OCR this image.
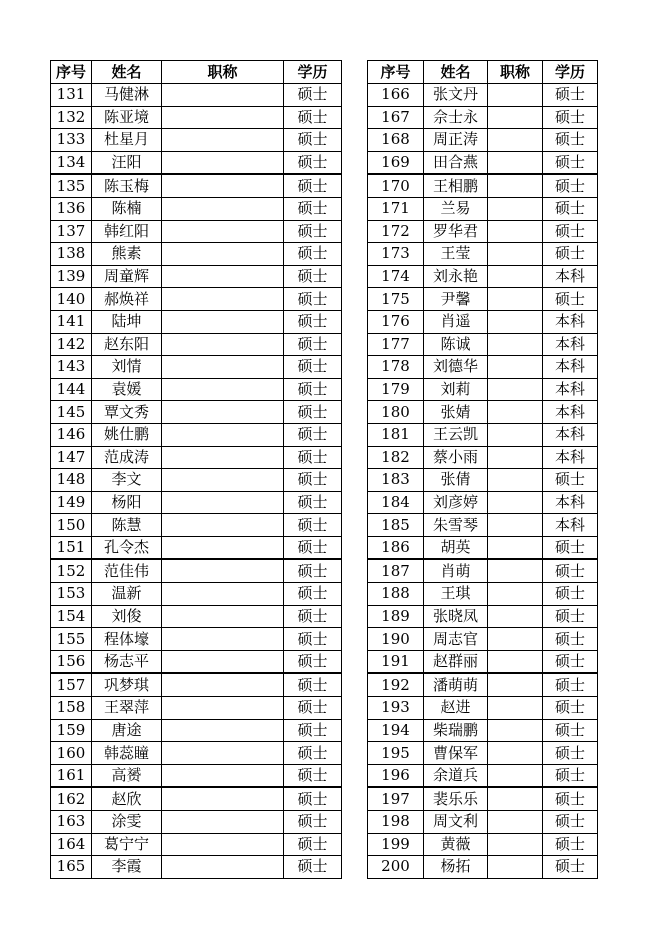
序号	姓名	职称	学历
131	马健淋		硕士
132	陈亚境		硕士
133	杜星月		硕士
134	汪阳		硕士
135	陈玉梅		硕士
136	陈楠		硕士
137	韩红阳		硕士
138	熊素		硕士
139	周童辉		硕士
140	郝焕祥		硕士
141	陆坤		硕士
142	赵东阳		硕士
143	刘情		硕士
144	袁媛		硕士
145	覃文秀		硕士
146	姚仕鹏		硕士
147	范成涛		硕士
148	李文		硕士
149	杨阳		硕士
150	陈慧		硕士
151	孔令杰		硕士
152	范佳伟		硕士
153	温新		硕士
154	刘俊		硕士
155	程体壕		硕士
156	杨志平		硕士
157	巩梦琪		硕士
158	王翠萍		硕士
159	唐途		硕士
160	韩蕊瞳		硕士
161	高赟		硕士
162	赵欣		硕士
163	涂雯		硕士
164	葛宁宁		硕士
165	李霞		硕士
序号	姓名	职称	学历
166	张文丹		硕士
167	佘士永		硕士
168	周正涛		硕士
169	田合燕		硕士
170	王相鹏		硕士
171	兰易		硕士
172	罗华君		硕士
173	王莹		硕士
174	刘永艳		本科
175	尹馨		硕士
176	肖遥		本科
177	陈诚		本科
178	刘德华		本科
179	刘莉		本科
180	张婧		本科
181	王云凯		本科
182	蔡小雨		本科
183	张倩		硕士
184	刘彦婷		本科
185	朱雪琴		本科
186	胡英		硕士
187	肖萌		硕士
188	王琪		硕士
189	张晓凤		硕士
190	周志官		硕士
191	赵群丽		硕士
192	潘萌萌		硕士
193	赵进		硕士
194	柴瑞鹏		硕士
195	曹保军		硕士
196	余道兵		硕士
197	裴乐乐		硕士
198	周文利		硕士
199	黄薇		硕士
200	杨拓		硕士
